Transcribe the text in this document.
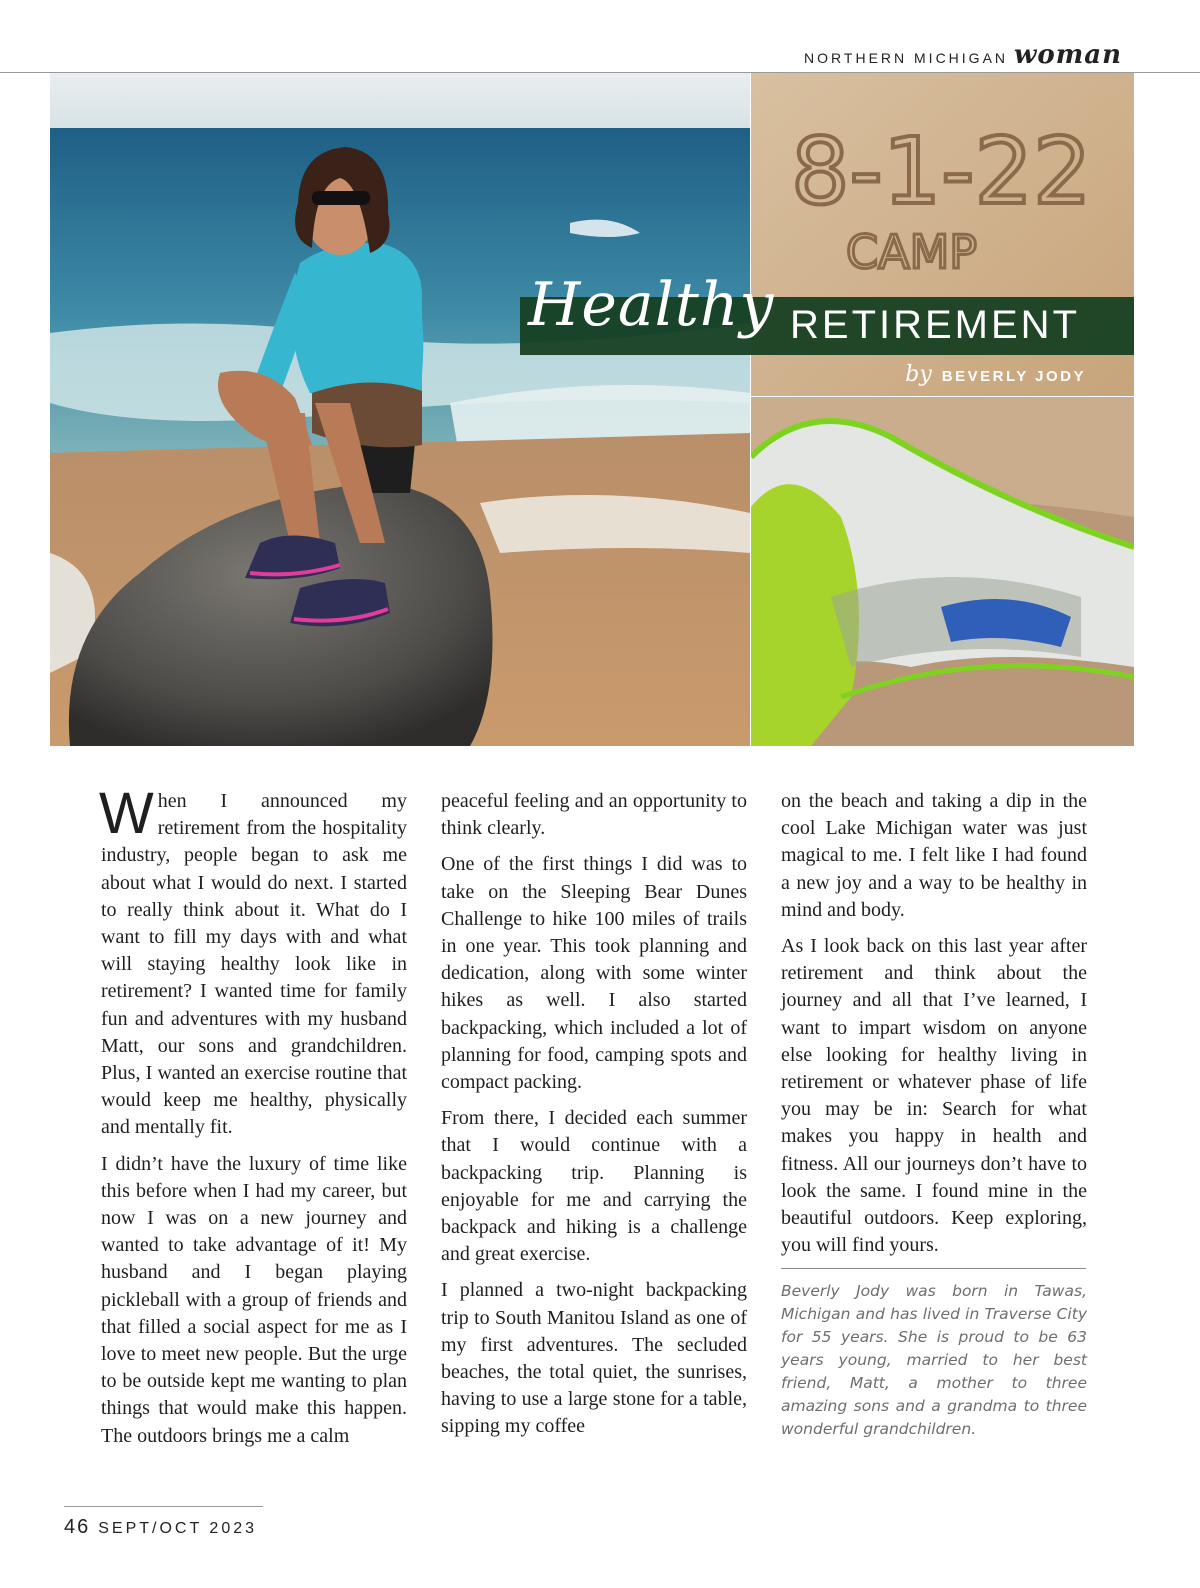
NORTHERN MICHIGAN woman
8-1-22
CAMP
Healthy RETIREMENT
by BEVERLY JODY

When I announced my retirement from the hospitality industry, people began to ask me about what I would do next. I started to really think about it. What do I want to fill my days with and what will staying healthy look like in retirement? I wanted time for family fun and adventures with my husband Matt, our sons and grandchildren. Plus, I wanted an exercise routine that would keep me healthy, physically and mentally fit.

I didn’t have the luxury of time like this before when I had my career, but now I was on a new journey and wanted to take advantage of it! My husband and I began playing pickleball with a group of friends and that filled a social aspect for me as I love to meet new people. But the urge to be outside kept me wanting to plan things that would make this happen. The outdoors brings me a calm

peaceful feeling and an opportunity to think clearly.

One of the first things I did was to take on the Sleeping Bear Dunes Challenge to hike 100 miles of trails in one year. This took planning and dedication, along with some winter hikes as well. I also started backpacking, which included a lot of planning for food, camping spots and compact packing.

From there, I decided each summer that I would continue with a backpacking trip. Planning is enjoyable for me and carrying the backpack and hiking is a challenge and great exercise.

I planned a two-night backpacking trip to South Manitou Island as one of my first adventures. The secluded beaches, the total quiet, the sunrises, having to use a large stone for a table, sipping my coffee

on the beach and taking a dip in the cool Lake Michigan water was just magical to me. I felt like I had found a new joy and a way to be healthy in mind and body.

As I look back on this last year after retirement and think about the journey and all that I’ve learned, I want to impart wisdom on anyone else looking for healthy living in retirement or whatever phase of life you may be in: Search for what makes you happy in health and fitness. All our journeys don’t have to look the same. I found mine in the beautiful outdoors. Keep exploring, you will find yours.

Beverly Jody was born in Tawas, Michigan and has lived in Traverse City for 55 years. She is proud to be 63 years young, married to her best friend, Matt, a mother to three amazing sons and a grandma to three wonderful grandchildren.

46 SEPT/OCT 2023
